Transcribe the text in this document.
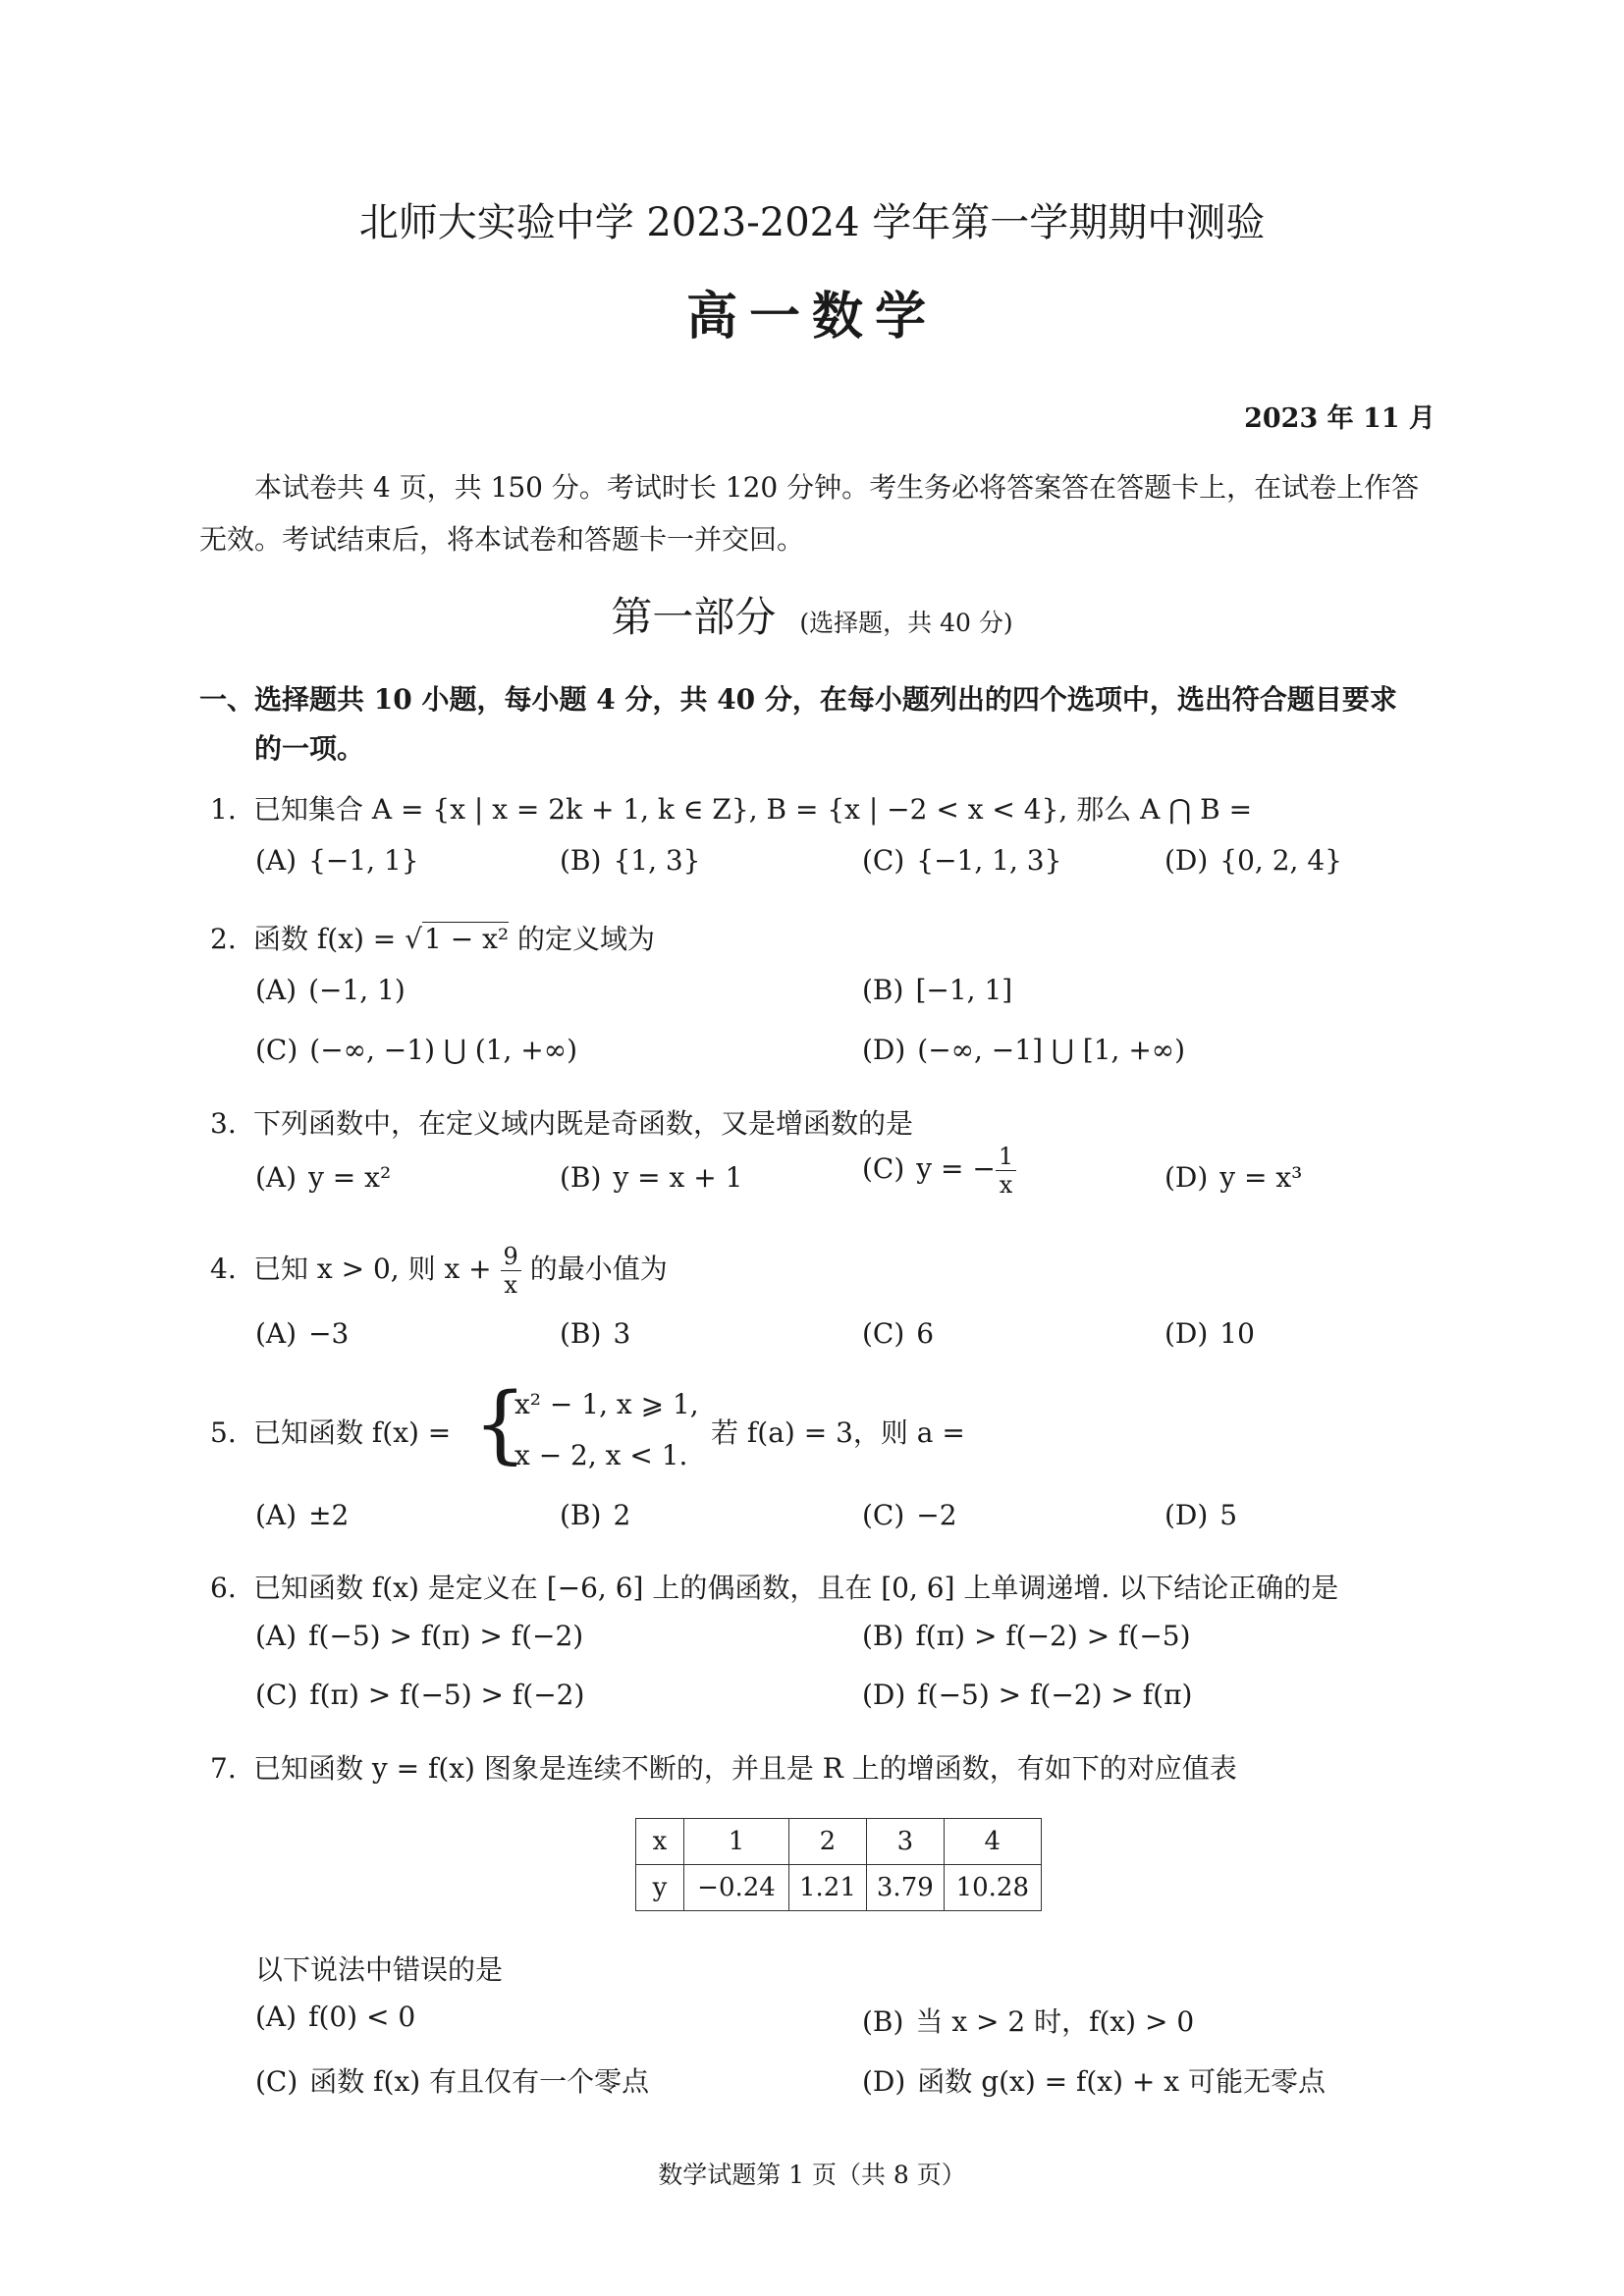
北师大实验中学 2023-2024 学年第一学期期中测验
高一数学
2023 年 11 月
本试卷共 4 页，共 150 分。考试时长 120 分钟。考生务必将答案答在答题卡上，在试卷上作答无效。考试结束后，将本试卷和答题卡一并交回。
第一部分 (选择题，共 40 分)
一、选择题共 10 小题，每小题 4 分，共 40 分，在每小题列出的四个选项中，选出符合题目要求
的一项。
1. 已知集合 A = {x | x = 2k + 1, k ∈ Z}, B = {x | −2 < x < 4}, 那么 A ⋂ B =
(A) {−1, 1}	(B) {1, 3}	(C) {−1, 1, 3}	(D) {0, 2, 4}
2. 函数 f(x) = √1 − x² 的定义域为
(A) (−1, 1)	(B) [−1, 1]
(C) (−∞, −1) ⋃ (1, +∞)	(D) (−∞, −1] ⋃ [1, +∞)
3. 下列函数中，在定义域内既是奇函数，又是增函数的是
(A) y = x²	(B) y = x + 1	(C) y = − $\frac{1}{x}$	(D) y = x³
4. 已知 x > 0, 则 $x + \frac{9}{x}$ 的最小值为
(A) −3	(B) 3	(C) 6	(D) 10
5. 已知函数 f(x) = {
x² − 1, x ⩾ 1,
x − 2, x < 1.
若 f(a) = 3，则 a =
(A) ±2	(B) 2	(C) −2	(D) 5
6. 已知函数 f(x) 是定义在 [−6, 6] 上的偶函数，且在 [0, 6] 上单调递增. 以下结论正确的是
(A) f(−5) > f(π) > f(−2)	(B) f(π) > f(−2) > f(−5)
(C) f(π) > f(−5) > f(−2)	(D) f(−5) > f(−2) > f(π)
7. 已知函数 y = f(x) 图象是连续不断的，并且是 R 上的增函数，有如下的对应值表
x	1	2	3	4
y	−0.24	1.21	3.79	10.28
以下说法中错误的是
(A) f(0) < 0	(B) 当 x > 2 时，f(x) > 0
(C) 函数 f(x) 有且仅有一个零点	(D) 函数 g(x) = f(x) + x 可能无零点
数学试题第 1 页（共 8 页）
